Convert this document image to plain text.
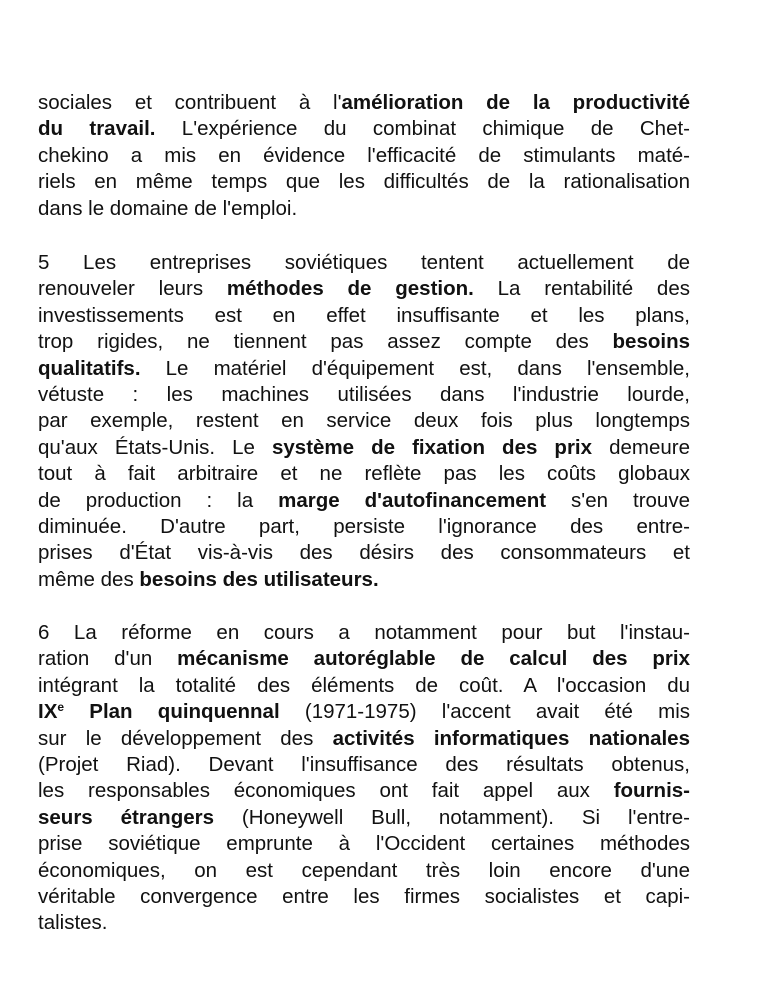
sociales et contribuent à l'amélioration de la productivité
du travail. L'expérience du combinat chimique de Chet-
chekino a mis en évidence l'efficacité de stimulants maté-
riels en même temps que les difficultés de la rationalisation
dans le domaine de l'emploi.
5 Les entreprises soviétiques tentent actuellement de
renouveler leurs méthodes de gestion. La rentabilité des
investissements est en effet insuffisante et les plans,
trop rigides, ne tiennent pas assez compte des besoins
qualitatifs. Le matériel d'équipement est, dans l'ensemble,
vétuste : les machines utilisées dans l'industrie lourde,
par exemple, restent en service deux fois plus longtemps
qu'aux États-Unis. Le système de fixation des prix demeure
tout à fait arbitraire et ne reflète pas les coûts globaux
de production : la marge d'autofinancement s'en trouve
diminuée. D'autre part, persiste l'ignorance des entre-
prises d'État vis-à-vis des désirs des consommateurs et
même des besoins des utilisateurs.
6 La réforme en cours a notamment pour but l'instau-
ration d'un mécanisme autoréglable de calcul des prix
intégrant la totalité des éléments de coût. A l'occasion du
IXe Plan quinquennal (1971-1975) l'accent avait été mis
sur le développement des activités informatiques nationales
(Projet Riad). Devant l'insuffisance des résultats obtenus,
les responsables économiques ont fait appel aux fournis-
seurs étrangers (Honeywell Bull, notamment). Si l'entre-
prise soviétique emprunte à l'Occident certaines méthodes
économiques, on est cependant très loin encore d'une
véritable convergence entre les firmes socialistes et capi-
talistes.
